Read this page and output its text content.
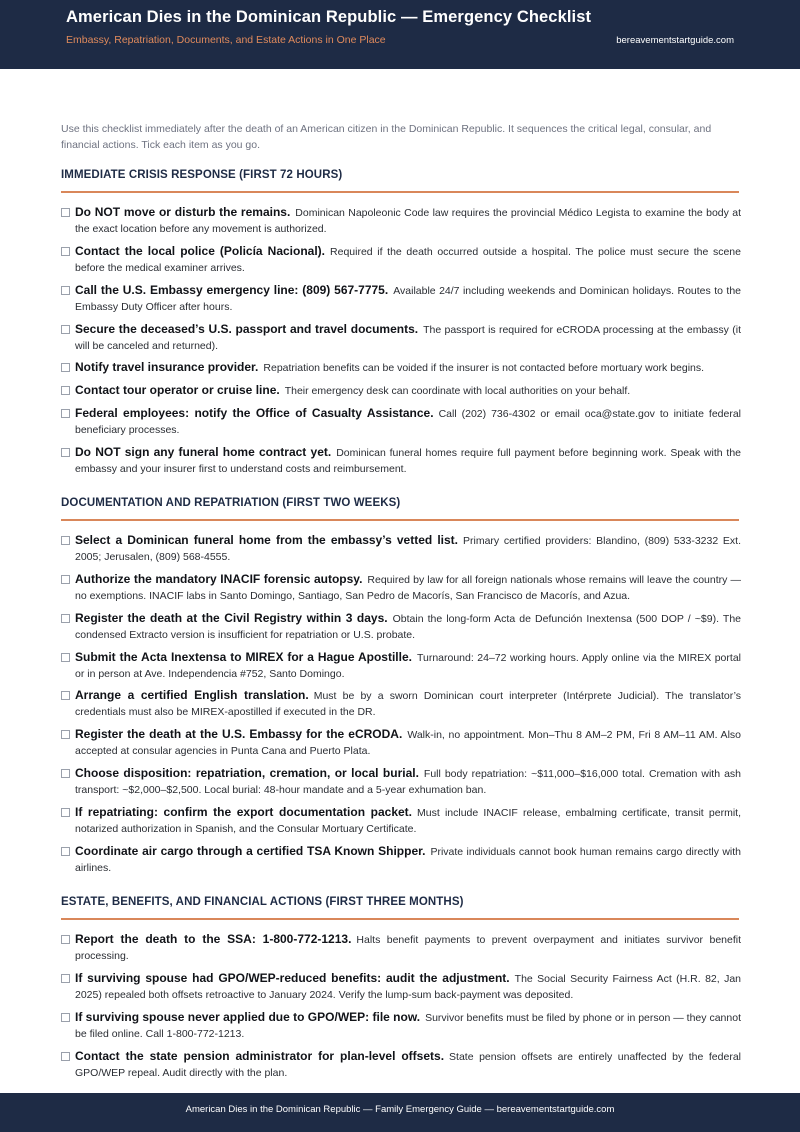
American Dies in the Dominican Republic — Emergency Checklist
Embassy, Repatriation, Documents, and Estate Actions in One Place	bereavementstartguide.com
Use this checklist immediately after the death of an American citizen in the Dominican Republic. It sequences the critical legal, consular, and financial actions. Tick each item as you go.
IMMEDIATE CRISIS RESPONSE (FIRST 72 HOURS)
Do NOT move or disturb the remains. Dominican Napoleonic Code law requires the provincial Médico Legista to examine the body at the exact location before any movement is authorized.
Contact the local police (Policía Nacional). Required if the death occurred outside a hospital. The police must secure the scene before the medical examiner arrives.
Call the U.S. Embassy emergency line: (809) 567-7775. Available 24/7 including weekends and Dominican holidays. Routes to the Embassy Duty Officer after hours.
Secure the deceased’s U.S. passport and travel documents. The passport is required for eCRODA processing at the embassy (it will be canceled and returned).
Notify travel insurance provider. Repatriation benefits can be voided if the insurer is not contacted before mortuary work begins.
Contact tour operator or cruise line. Their emergency desk can coordinate with local authorities on your behalf.
Federal employees: notify the Office of Casualty Assistance. Call (202) 736-4302 or email oca@state.gov to initiate federal beneficiary processes.
Do NOT sign any funeral home contract yet. Dominican funeral homes require full payment before beginning work. Speak with the embassy and your insurer first to understand costs and reimbursement.
DOCUMENTATION AND REPATRIATION (FIRST TWO WEEKS)
Select a Dominican funeral home from the embassy’s vetted list. Primary certified providers: Blandino, (809) 533-3232 Ext. 2005; Jerusalen, (809) 568-4555.
Authorize the mandatory INACIF forensic autopsy. Required by law for all foreign nationals whose remains will leave the country — no exemptions. INACIF labs in Santo Domingo, Santiago, San Pedro de Macorís, San Francisco de Macorís, and Azua.
Register the death at the Civil Registry within 3 days. Obtain the long-form Acta de Defunción Inextensa (500 DOP / ~$9). The condensed Extracto version is insufficient for repatriation or U.S. probate.
Submit the Acta Inextensa to MIREX for a Hague Apostille. Turnaround: 24–72 working hours. Apply online via the MIREX portal or in person at Ave. Independencia #752, Santo Domingo.
Arrange a certified English translation. Must be by a sworn Dominican court interpreter (Intérprete Judicial). The translator’s credentials must also be MIREX-apostilled if executed in the DR.
Register the death at the U.S. Embassy for the eCRODA. Walk-in, no appointment. Mon–Thu 8 AM–2 PM, Fri 8 AM–11 AM. Also accepted at consular agencies in Punta Cana and Puerto Plata.
Choose disposition: repatriation, cremation, or local burial. Full body repatriation: ~$11,000–$16,000 total. Cremation with ash transport: ~$2,000–$2,500. Local burial: 48-hour mandate and a 5-year exhumation ban.
If repatriating: confirm the export documentation packet. Must include INACIF release, embalming certificate, transit permit, notarized authorization in Spanish, and the Consular Mortuary Certificate.
Coordinate air cargo through a certified TSA Known Shipper. Private individuals cannot book human remains cargo directly with airlines.
ESTATE, BENEFITS, AND FINANCIAL ACTIONS (FIRST THREE MONTHS)
Report the death to the SSA: 1-800-772-1213. Halts benefit payments to prevent overpayment and initiates survivor benefit processing.
If surviving spouse had GPO/WEP-reduced benefits: audit the adjustment. The Social Security Fairness Act (H.R. 82, Jan 2025) repealed both offsets retroactive to January 2024. Verify the lump-sum back-payment was deposited.
If surviving spouse never applied due to GPO/WEP: file now. Survivor benefits must be filed by phone or in person — they cannot be filed online. Call 1-800-772-1213.
Contact the state pension administrator for plan-level offsets. State pension offsets are entirely unaffected by the federal GPO/WEP repeal. Audit directly with the plan.
American Dies in the Dominican Republic — Family Emergency Guide — bereavementstartguide.com
